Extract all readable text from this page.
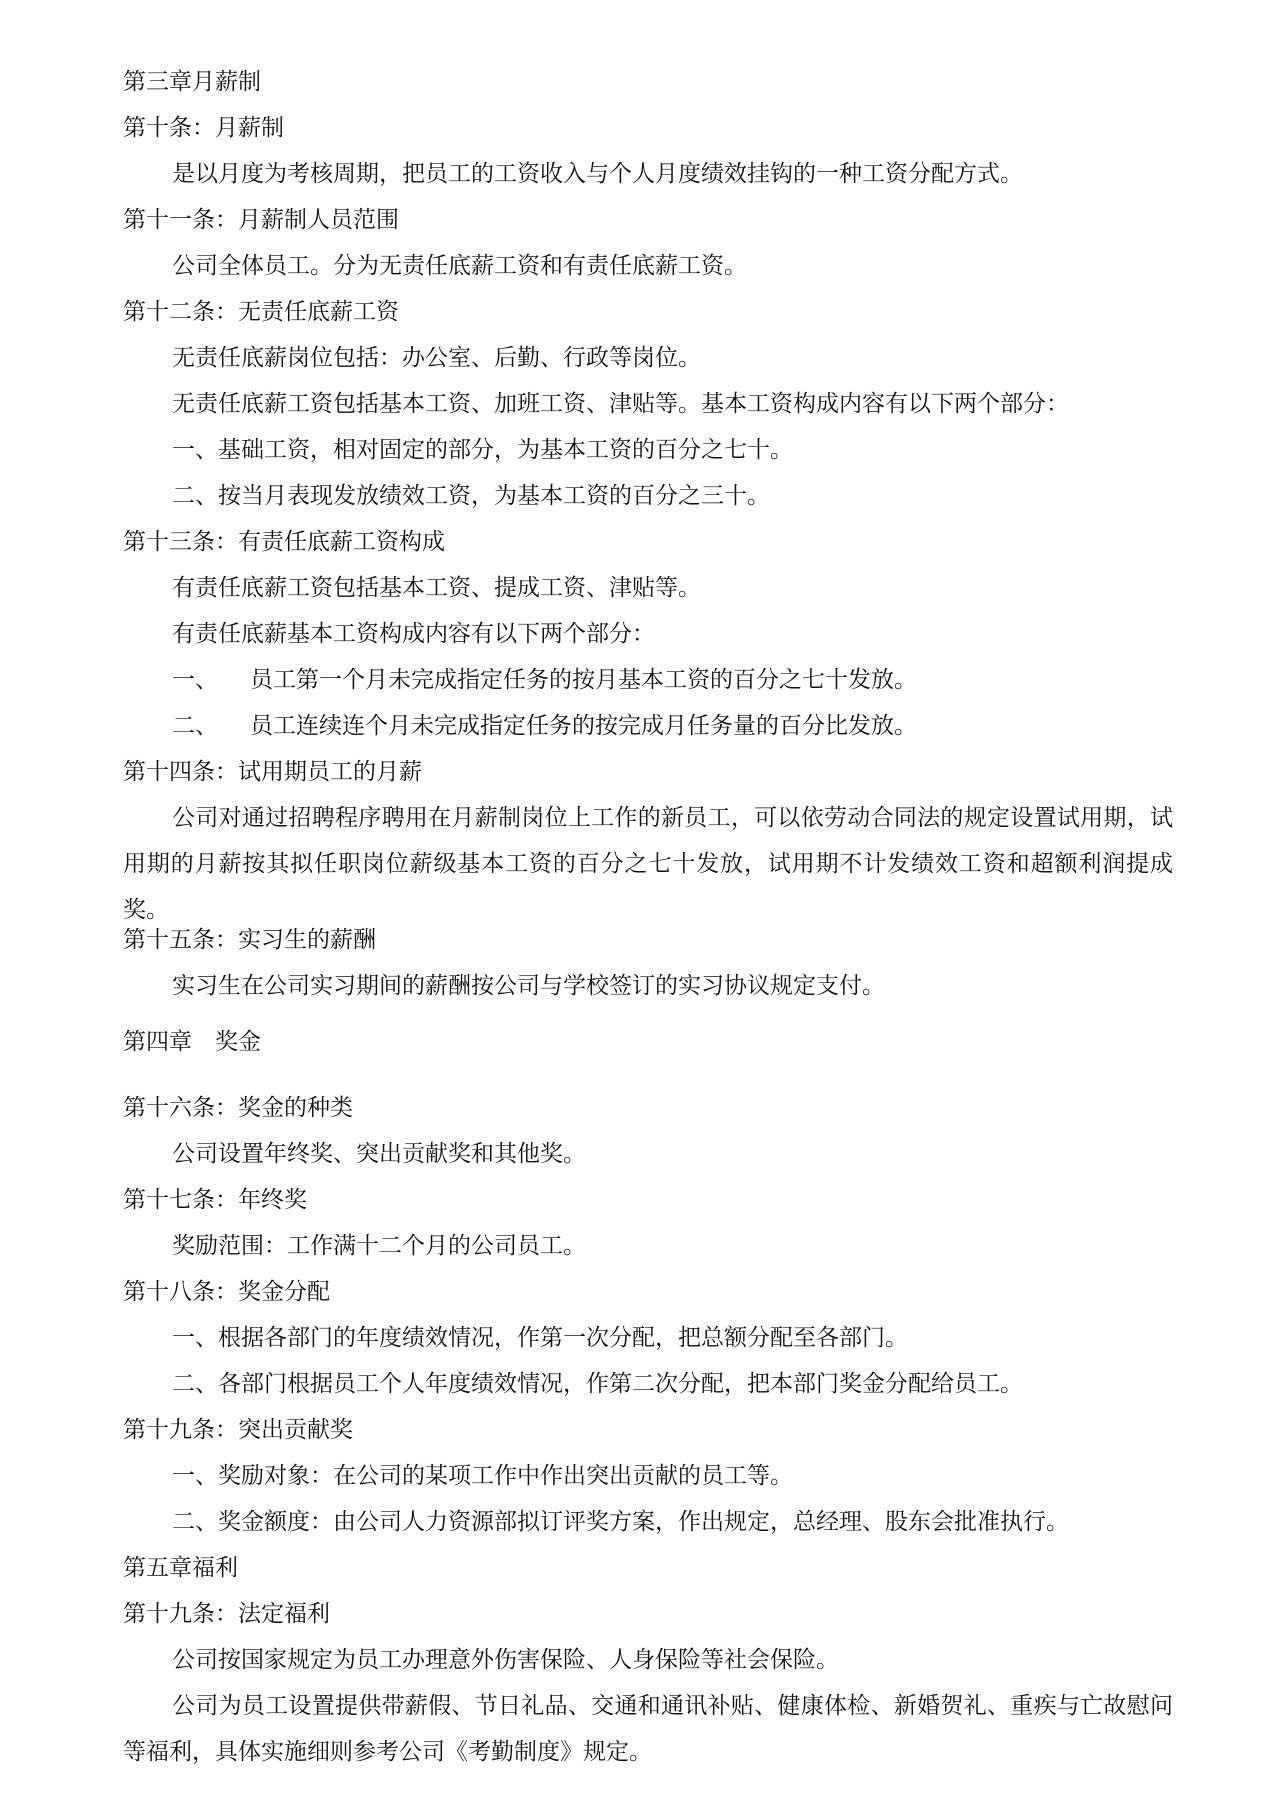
第三章月薪制
第十条：月薪制
是以月度为考核周期，把员工的工资收入与个人月度绩效挂钩的一种工资分配方式。
第十一条：月薪制人员范围
公司全体员工。分为无责任底薪工资和有责任底薪工资。
第十二条：无责任底薪工资
无责任底薪岗位包括：办公室、后勤、行政等岗位。
无责任底薪工资包括基本工资、加班工资、津贴等。基本工资构成内容有以下两个部分：
一、基础工资，相对固定的部分，为基本工资的百分之七十。
二、按当月表现发放绩效工资，为基本工资的百分之三十。
第十三条：有责任底薪工资构成
有责任底薪工资包括基本工资、提成工资、津贴等。
有责任底薪基本工资构成内容有以下两个部分：
一、 员工第一个月未完成指定任务的按月基本工资的百分之七十发放。
二、 员工连续连个月未完成指定任务的按完成月任务量的百分比发放。
第十四条：试用期员工的月薪
公司对通过招聘程序聘用在月薪制岗位上工作的新员工，可以依劳动合同法的规定设置试用期，试用期的月薪按其拟任职岗位薪级基本工资的百分之七十发放，试用期不计发绩效工资和超额利润提成奖。
第十五条：实习生的薪酬
实习生在公司实习期间的薪酬按公司与学校签订的实习协议规定支付。
第四章　奖金
第十六条：奖金的种类
公司设置年终奖、突出贡献奖和其他奖。
第十七条：年终奖
奖励范围：工作满十二个月的公司员工。
第十八条：奖金分配
一、根据各部门的年度绩效情况，作第一次分配，把总额分配至各部门。
二、各部门根据员工个人年度绩效情况，作第二次分配，把本部门奖金分配给员工。
第十九条：突出贡献奖
一、奖励对象：在公司的某项工作中作出突出贡献的员工等。
二、奖金额度：由公司人力资源部拟订评奖方案，作出规定，总经理、股东会批准执行。
第五章福利
第十九条：法定福利
公司按国家规定为员工办理意外伤害保险、人身保险等社会保险。
公司为员工设置提供带薪假、节日礼品、交通和通讯补贴、健康体检、新婚贺礼、重疾与亡故慰问等福利，具体实施细则参考公司《考勤制度》规定。
